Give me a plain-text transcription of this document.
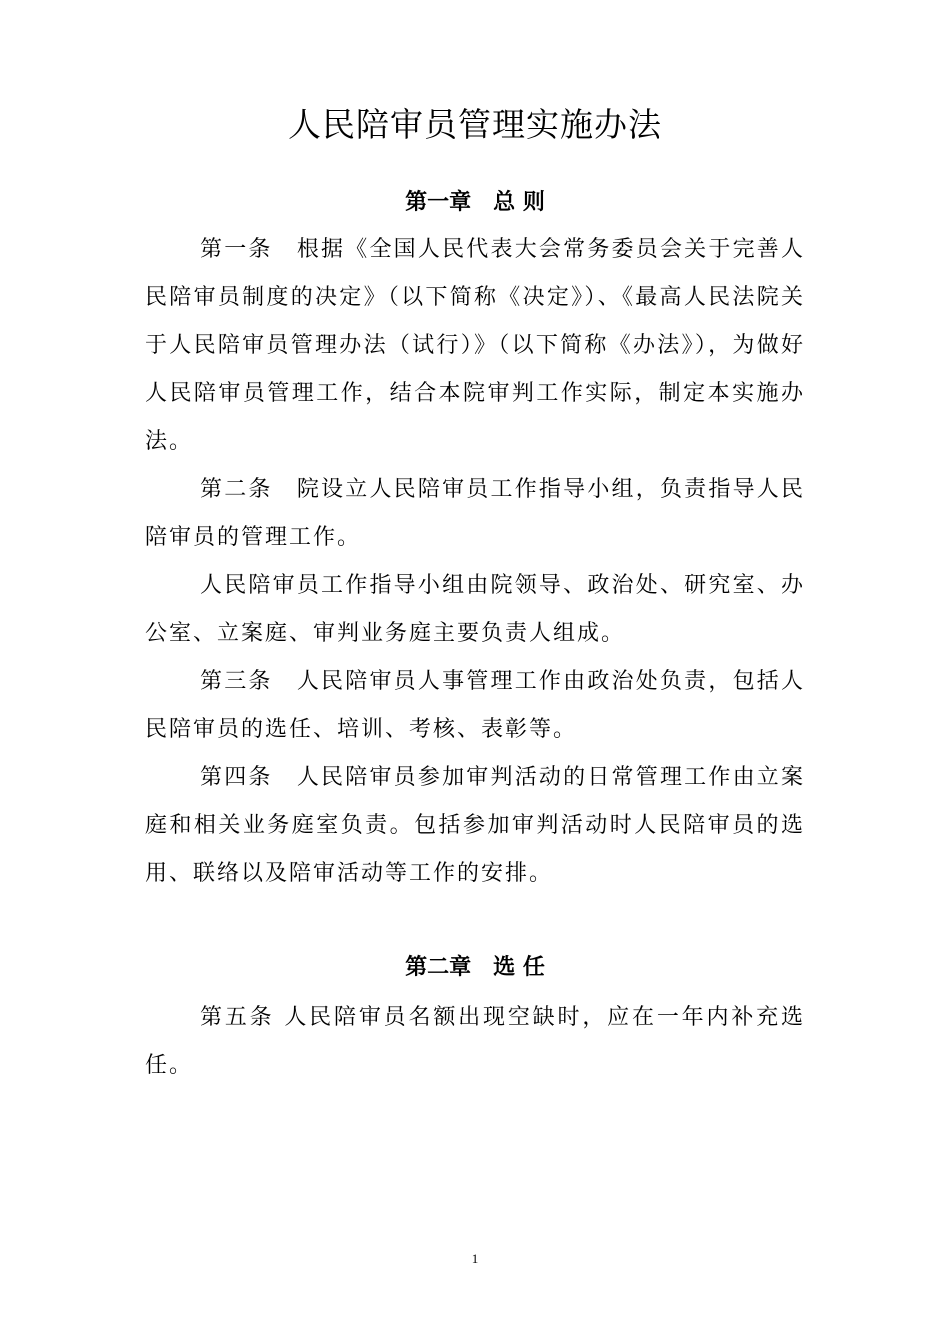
人民陪审员管理实施办法
第一章　总 则

第一条　根据《全国人民代表大会常务委员会关于完善人民陪审员制度的决定》（以下简称《决定》）、《最高人民法院关于人民陪审员管理办法（试行）》（以下简称《办法》），为做好人民陪审员管理工作，结合本院审判工作实际，制定本实施办法。

第二条　院设立人民陪审员工作指导小组，负责指导人民陪审员的管理工作。

人民陪审员工作指导小组由院领导、政治处、研究室、办公室、立案庭、审判业务庭主要负责人组成。

第三条　人民陪审员人事管理工作由政治处负责，包括人民陪审员的选任、培训、考核、表彰等。

第四条　人民陪审员参加审判活动的日常管理工作由立案庭和相关业务庭室负责。包括参加审判活动时人民陪审员的选用、联络以及陪审活动等工作的安排。

第二章　选 任

第五条 人民陪审员名额出现空缺时，应在一年内补充选任。

1
